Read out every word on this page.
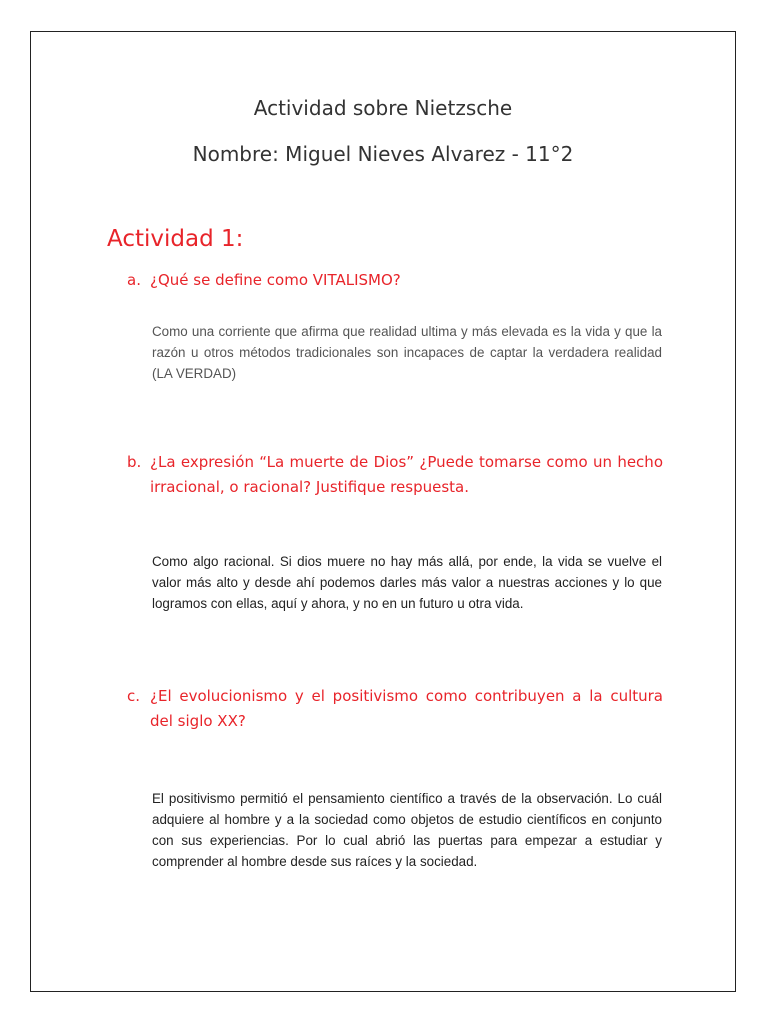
Actividad sobre Nietzsche
Nombre: Miguel Nieves Alvarez - 11°2
Actividad 1:
a. ¿Qué se define como VITALISMO?

Como una corriente que afirma que realidad ultima y más elevada es la vida y que la razón u otros métodos tradicionales son incapaces de captar la verdadera realidad (LA VERDAD)

b. ¿La expresión “La muerte de Dios” ¿Puede tomarse como un hecho irracional, o racional? Justifique respuesta.

Como algo racional. Si dios muere no hay más allá, por ende, la vida se vuelve el valor más alto y desde ahí podemos darles más valor a nuestras acciones y lo que logramos con ellas, aquí y ahora, y no en un futuro u otra vida.

c. ¿El evolucionismo y el positivismo como contribuyen a la cultura del siglo XX?

El positivismo permitió el pensamiento científico a través de la observación. Lo cuál adquiere al hombre y a la sociedad como objetos de estudio científicos en conjunto con sus experiencias. Por lo cual abrió las puertas para empezar a estudiar y comprender al hombre desde sus raíces y la sociedad.
